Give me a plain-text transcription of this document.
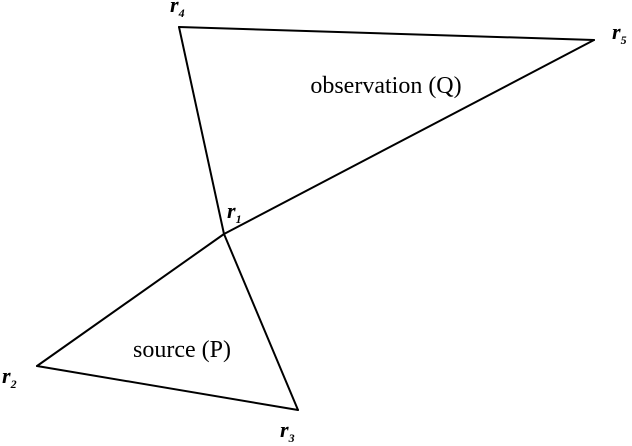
source (P)
observation (Q)
$r_1$
$r_2$
$r_3$
$r_4$
$r_5$
